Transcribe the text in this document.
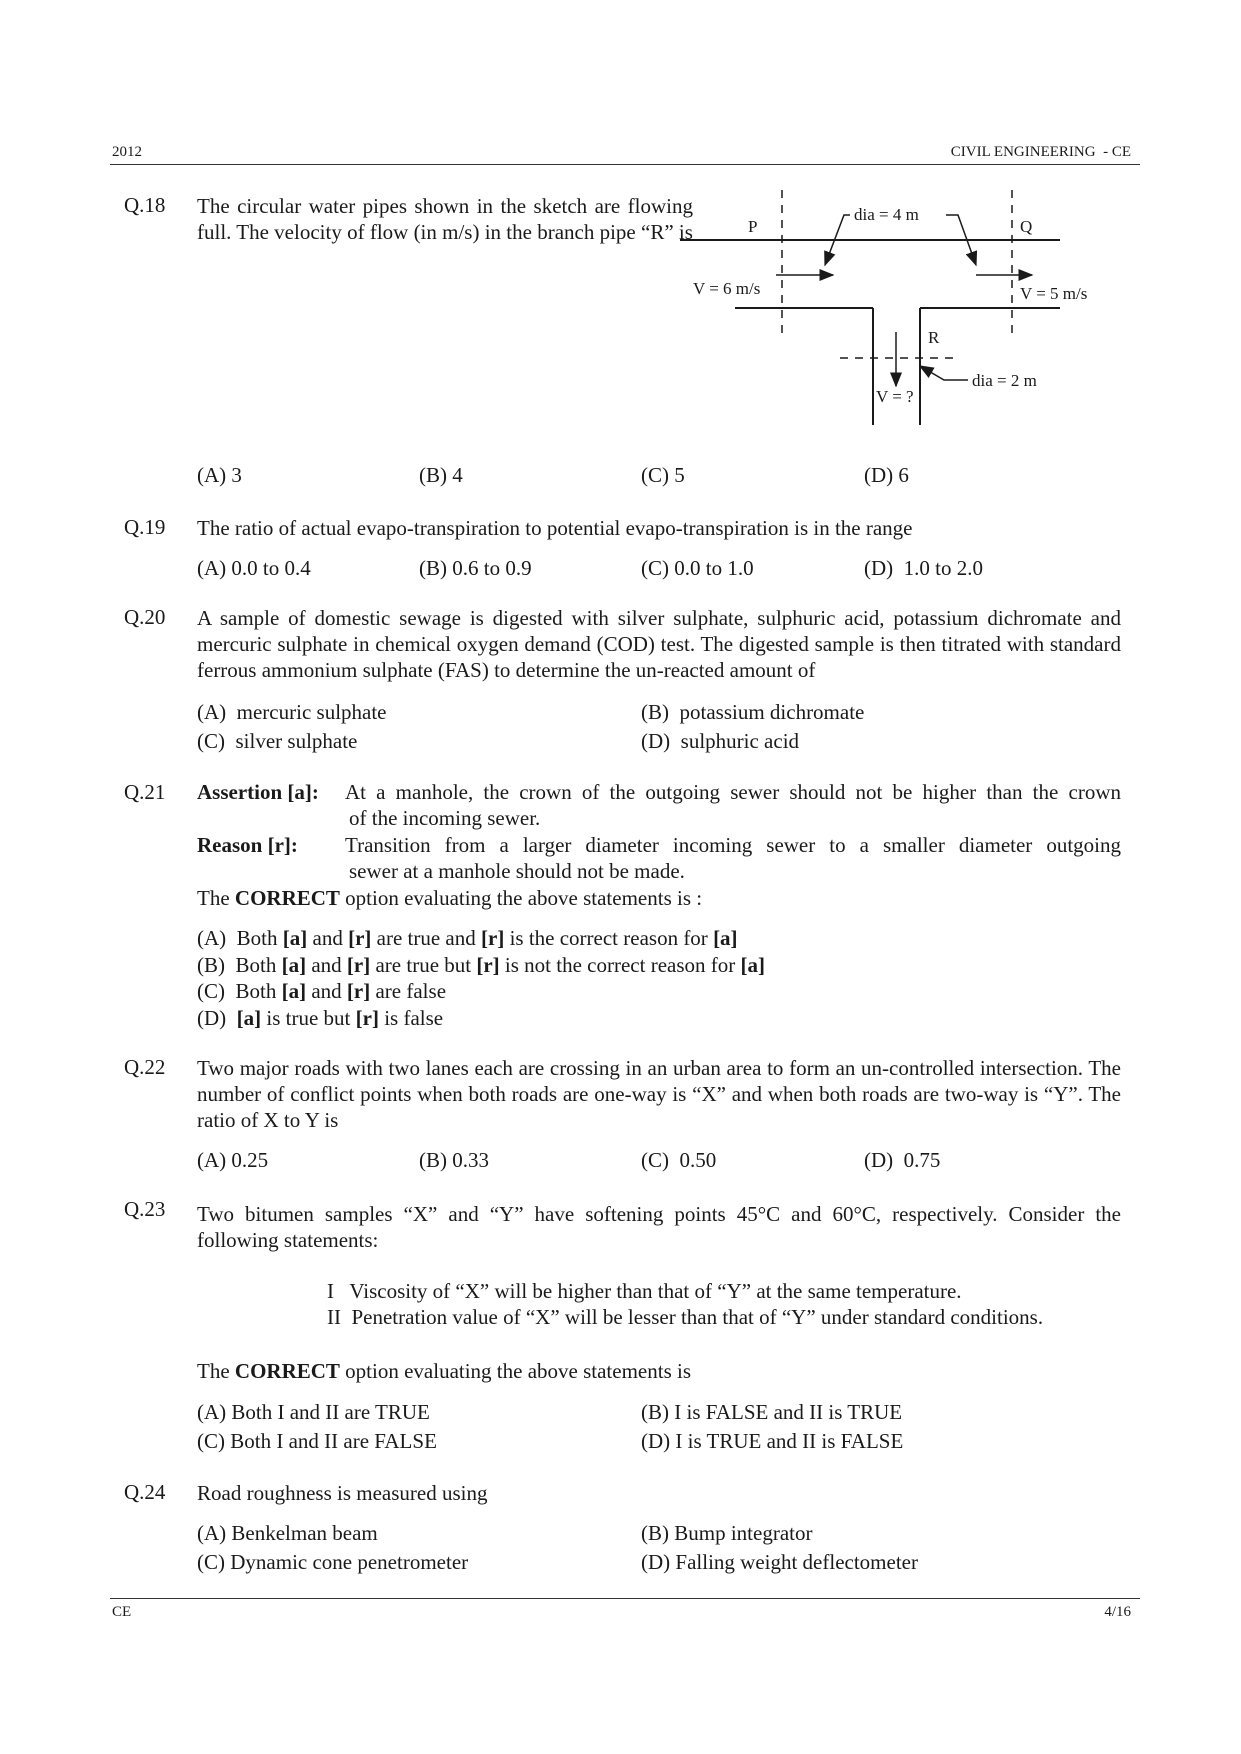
2012	CIVIL ENGINEERING  - CE
Q.18 The circular water pipes shown in the sketch are flowing full. The velocity of flow (in m/s) in the branch pipe “R” is	P	Q
R
dia = 4 m
dia = 2 m
V = 6 m/s	V = 5 m/s
V = ?
(A) 3	(B) 4	(C) 5	(D) 6
Q.19 The ratio of actual evapo-transpiration to potential evapo-transpiration is in the range
(A) 0.0 to 0.4	(B) 0.6 to 0.9	(C) 0.0 to 1.0	(D)  1.0 to 2.0
Q.20 A sample of domestic sewage is digested with silver sulphate, sulphuric acid, potassium dichromate and mercuric sulphate in chemical oxygen demand (COD) test. The digested sample is then titrated with standard ferrous ammonium sulphate (FAS) to determine the un-reacted amount of
(A)  mercuric sulphate	(B)  potassium dichromate
(C)  silver sulphate	(D)  sulphuric acid
Q.21 Assertion [a]: At a manhole, the crown of the outgoing sewer should not be higher than the crown
of the incoming sewer.
Reason [r]: Transition from a larger diameter incoming sewer to a smaller diameter outgoing
sewer at a manhole should not be made.
The CORRECT option evaluating the above statements is :
(A)  Both [a] and [r] are true and [r] is the correct reason for [a]
(B)  Both [a] and [r] are true but [r] is not the correct reason for [a]
(C)  Both [a] and [r] are false
(D)  [a] is true but [r] is false
Q.22 Two major roads with two lanes each are crossing in an urban area to form an un-controlled intersection. The number of conflict points when both roads are one-way is “X” and when both roads are two-way is “Y”. The ratio of X to Y is
(A) 0.25	(B) 0.33	(C)  0.50	(D)  0.75
Q.23 Two bitumen samples “X” and “Y” have softening points 45°C and 60°C, respectively. Consider the following statements:
I   Viscosity of “X” will be higher than that of “Y” at the same temperature.
II  Penetration value of “X” will be lesser than that of “Y” under standard conditions.
The CORRECT option evaluating the above statements is
(A) Both I and II are TRUE	(B) I is FALSE and II is TRUE
(C) Both I and II are FALSE	(D) I is TRUE and II is FALSE
Q.24 Road roughness is measured using
(A) Benkelman beam	(B) Bump integrator
(C) Dynamic cone penetrometer	(D) Falling weight deflectometer
CE	4/16
